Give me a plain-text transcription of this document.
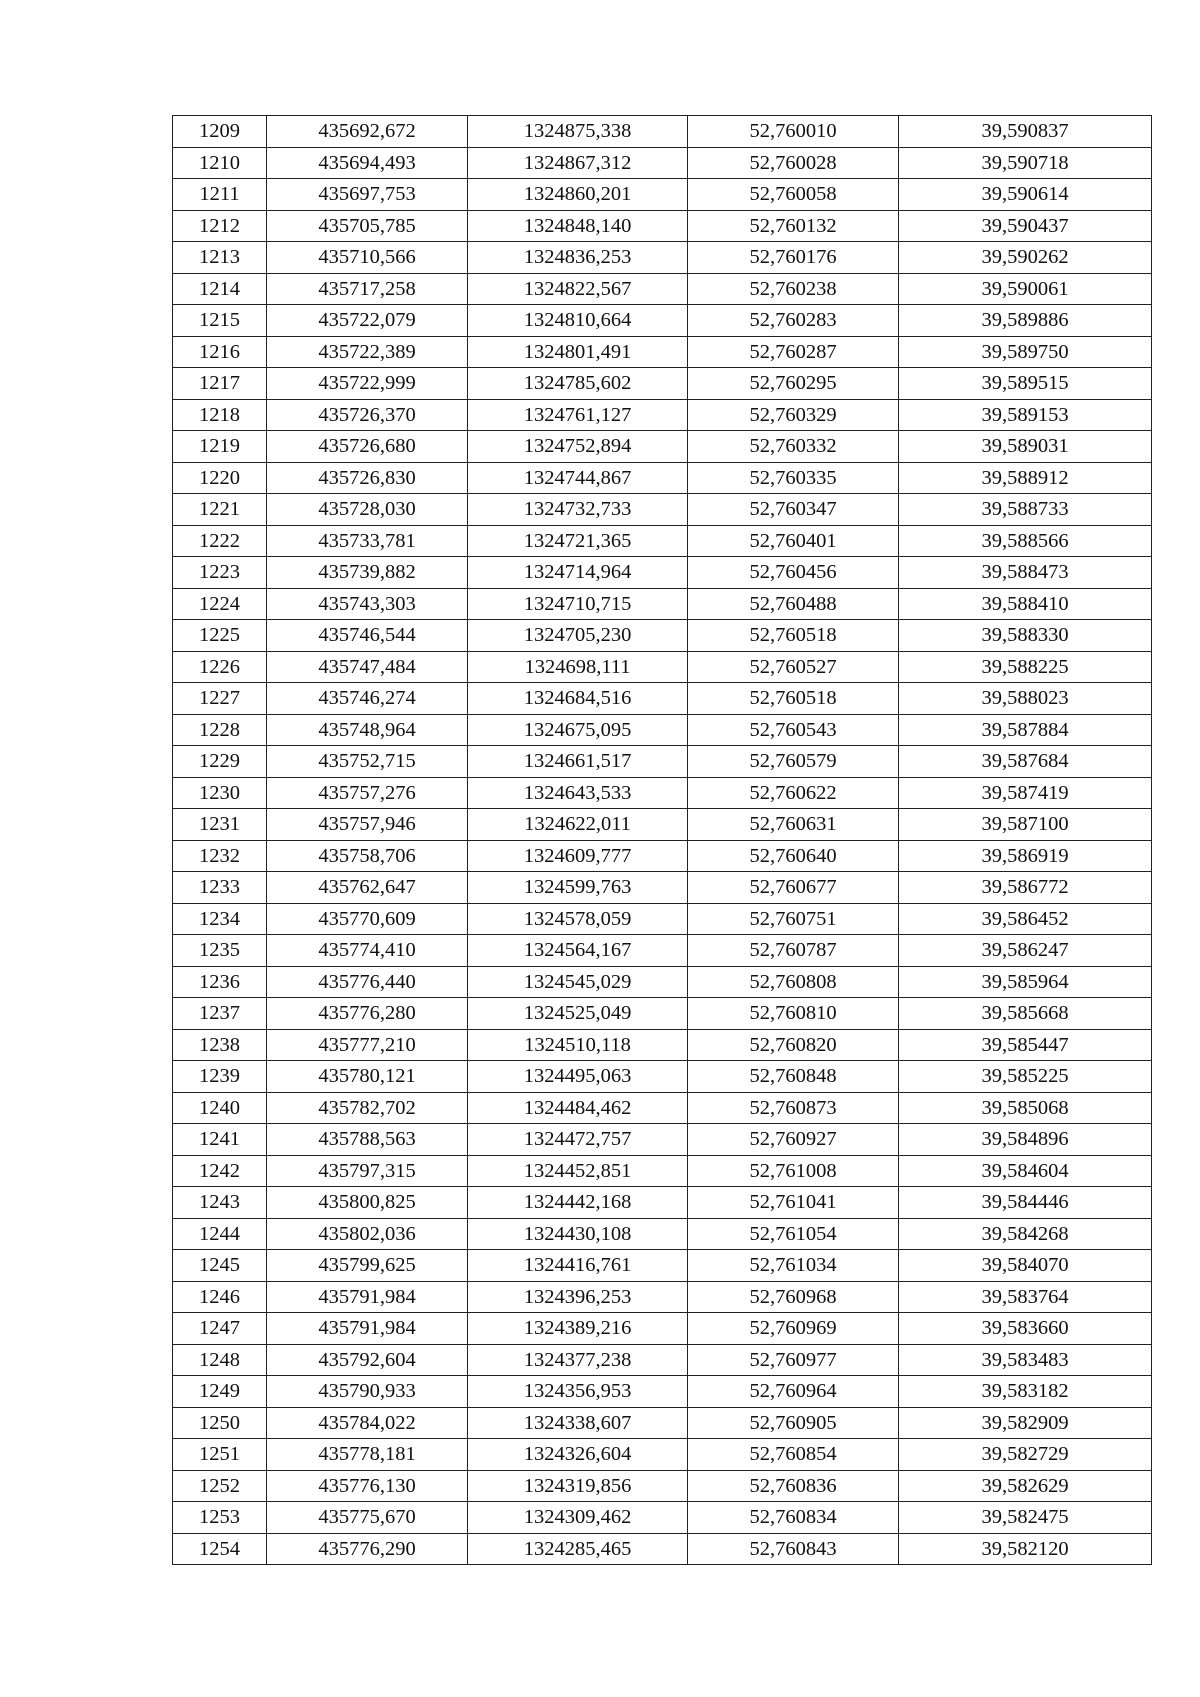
1209	435692,672	1324875,338	52,760010	39,590837
1210	435694,493	1324867,312	52,760028	39,590718
1211	435697,753	1324860,201	52,760058	39,590614
1212	435705,785	1324848,140	52,760132	39,590437
1213	435710,566	1324836,253	52,760176	39,590262
1214	435717,258	1324822,567	52,760238	39,590061
1215	435722,079	1324810,664	52,760283	39,589886
1216	435722,389	1324801,491	52,760287	39,589750
1217	435722,999	1324785,602	52,760295	39,589515
1218	435726,370	1324761,127	52,760329	39,589153
1219	435726,680	1324752,894	52,760332	39,589031
1220	435726,830	1324744,867	52,760335	39,588912
1221	435728,030	1324732,733	52,760347	39,588733
1222	435733,781	1324721,365	52,760401	39,588566
1223	435739,882	1324714,964	52,760456	39,588473
1224	435743,303	1324710,715	52,760488	39,588410
1225	435746,544	1324705,230	52,760518	39,588330
1226	435747,484	1324698,111	52,760527	39,588225
1227	435746,274	1324684,516	52,760518	39,588023
1228	435748,964	1324675,095	52,760543	39,587884
1229	435752,715	1324661,517	52,760579	39,587684
1230	435757,276	1324643,533	52,760622	39,587419
1231	435757,946	1324622,011	52,760631	39,587100
1232	435758,706	1324609,777	52,760640	39,586919
1233	435762,647	1324599,763	52,760677	39,586772
1234	435770,609	1324578,059	52,760751	39,586452
1235	435774,410	1324564,167	52,760787	39,586247
1236	435776,440	1324545,029	52,760808	39,585964
1237	435776,280	1324525,049	52,760810	39,585668
1238	435777,210	1324510,118	52,760820	39,585447
1239	435780,121	1324495,063	52,760848	39,585225
1240	435782,702	1324484,462	52,760873	39,585068
1241	435788,563	1324472,757	52,760927	39,584896
1242	435797,315	1324452,851	52,761008	39,584604
1243	435800,825	1324442,168	52,761041	39,584446
1244	435802,036	1324430,108	52,761054	39,584268
1245	435799,625	1324416,761	52,761034	39,584070
1246	435791,984	1324396,253	52,760968	39,583764
1247	435791,984	1324389,216	52,760969	39,583660
1248	435792,604	1324377,238	52,760977	39,583483
1249	435790,933	1324356,953	52,760964	39,583182
1250	435784,022	1324338,607	52,760905	39,582909
1251	435778,181	1324326,604	52,760854	39,582729
1252	435776,130	1324319,856	52,760836	39,582629
1253	435775,670	1324309,462	52,760834	39,582475
1254	435776,290	1324285,465	52,760843	39,582120
